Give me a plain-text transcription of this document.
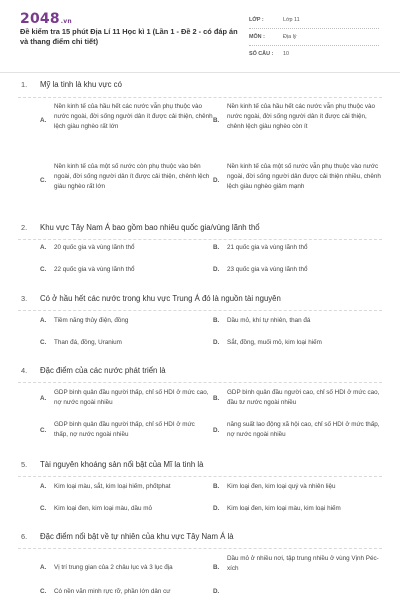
2048.vn
Đề kiểm tra 15 phút Địa Lí 11 Học kì 1 (Lần 1 - Đề 2 - có đáp án và thang điểm chi tiết)
LỚP :	Lớp 11
MÔN :	Địa lý
SỐ CÂU :	10
1. Mỹ la tinh là khu vực có
A.
Nền kinh tế của hầu hết các nước vẫn phụ thuộc vào nước ngoài, đời sống người dân ít được cải thiện, chênh lệch giàu nghèo rất lớn
B.
Nền kinh tế của hầu hết các nước vẫn phụ thuộc vào nước ngoài, đời sống người dân ít được cải thiện, chênh lệch giàu nghèo còn ít
C.
Nền kinh tế của một số nước còn phụ thuộc vào bên ngoài, đời sống người dân ít được cải thiện, chênh lệch giàu nghèo rất lớn
D.
Nền kinh tế của một số nước vẫn phụ thuộc vào nước ngoài, đời sống người dân được cải thiện nhiều, chênh lệch giàu nghèo giảm mạnh
2. Khu vực Tây Nam Á bao gồm bao nhiêu quốc gia/vùng lãnh thổ
A. 20 quốc gia và vùng lãnh thổ	B. 21 quốc gia và vùng lãnh thổ
C. 22 quốc gia và vùng lãnh thổ	D. 23 quốc gia và vùng lãnh thổ
3. Có ở hầu hết các nước trong khu vực Trung Á đó là nguồn tài nguyên
A. Tiềm năng thủy điện, đồng	B. Dầu mỏ, khí tự nhiên, than đá
C. Than đá, đồng, Uranium	D. Sắt, đồng, muối mỏ, kim loại hiếm
4. Đặc điểm của các nước phát triển là
A.
GDP bình quân đầu người thấp, chỉ số HDI ở mức cao, nợ nước ngoài nhiều
B.
GDP bình quân đầu người cao, chỉ số HDI ở mức cao, đầu tư nước ngoài nhiều
C.
GDP bình quân đầu người thấp, chỉ số HDI ở mức thấp, nợ nước ngoài nhiều
D.
năng suất lao động xã hội cao, chỉ số HDI ở mức thấp, nợ nước ngoài nhiều
5. Tài nguyên khoáng sản nổi bật của Mĩ la tinh là
A. Kim loại màu, sắt, kim loại hiếm, phốtphat	B. Kim loại đen, kim loại quý và nhiên liệu
C. Kim loại đen, kim loại màu, dầu mỏ	D. Kim loại đen, kim loại màu, kim loại hiếm
6. Đặc điểm nổi bật về tự nhiên của khu vực Tây Nam Á là
A. Vị trí trung gian của 2 châu lục và 3 lục địa	B.
Dầu mỏ ở nhiều nơi, tập trung nhiều ở vùng Vịnh Péc-xích
C. Có nền văn minh rực rỡ, phần lớn dân cư	D.
